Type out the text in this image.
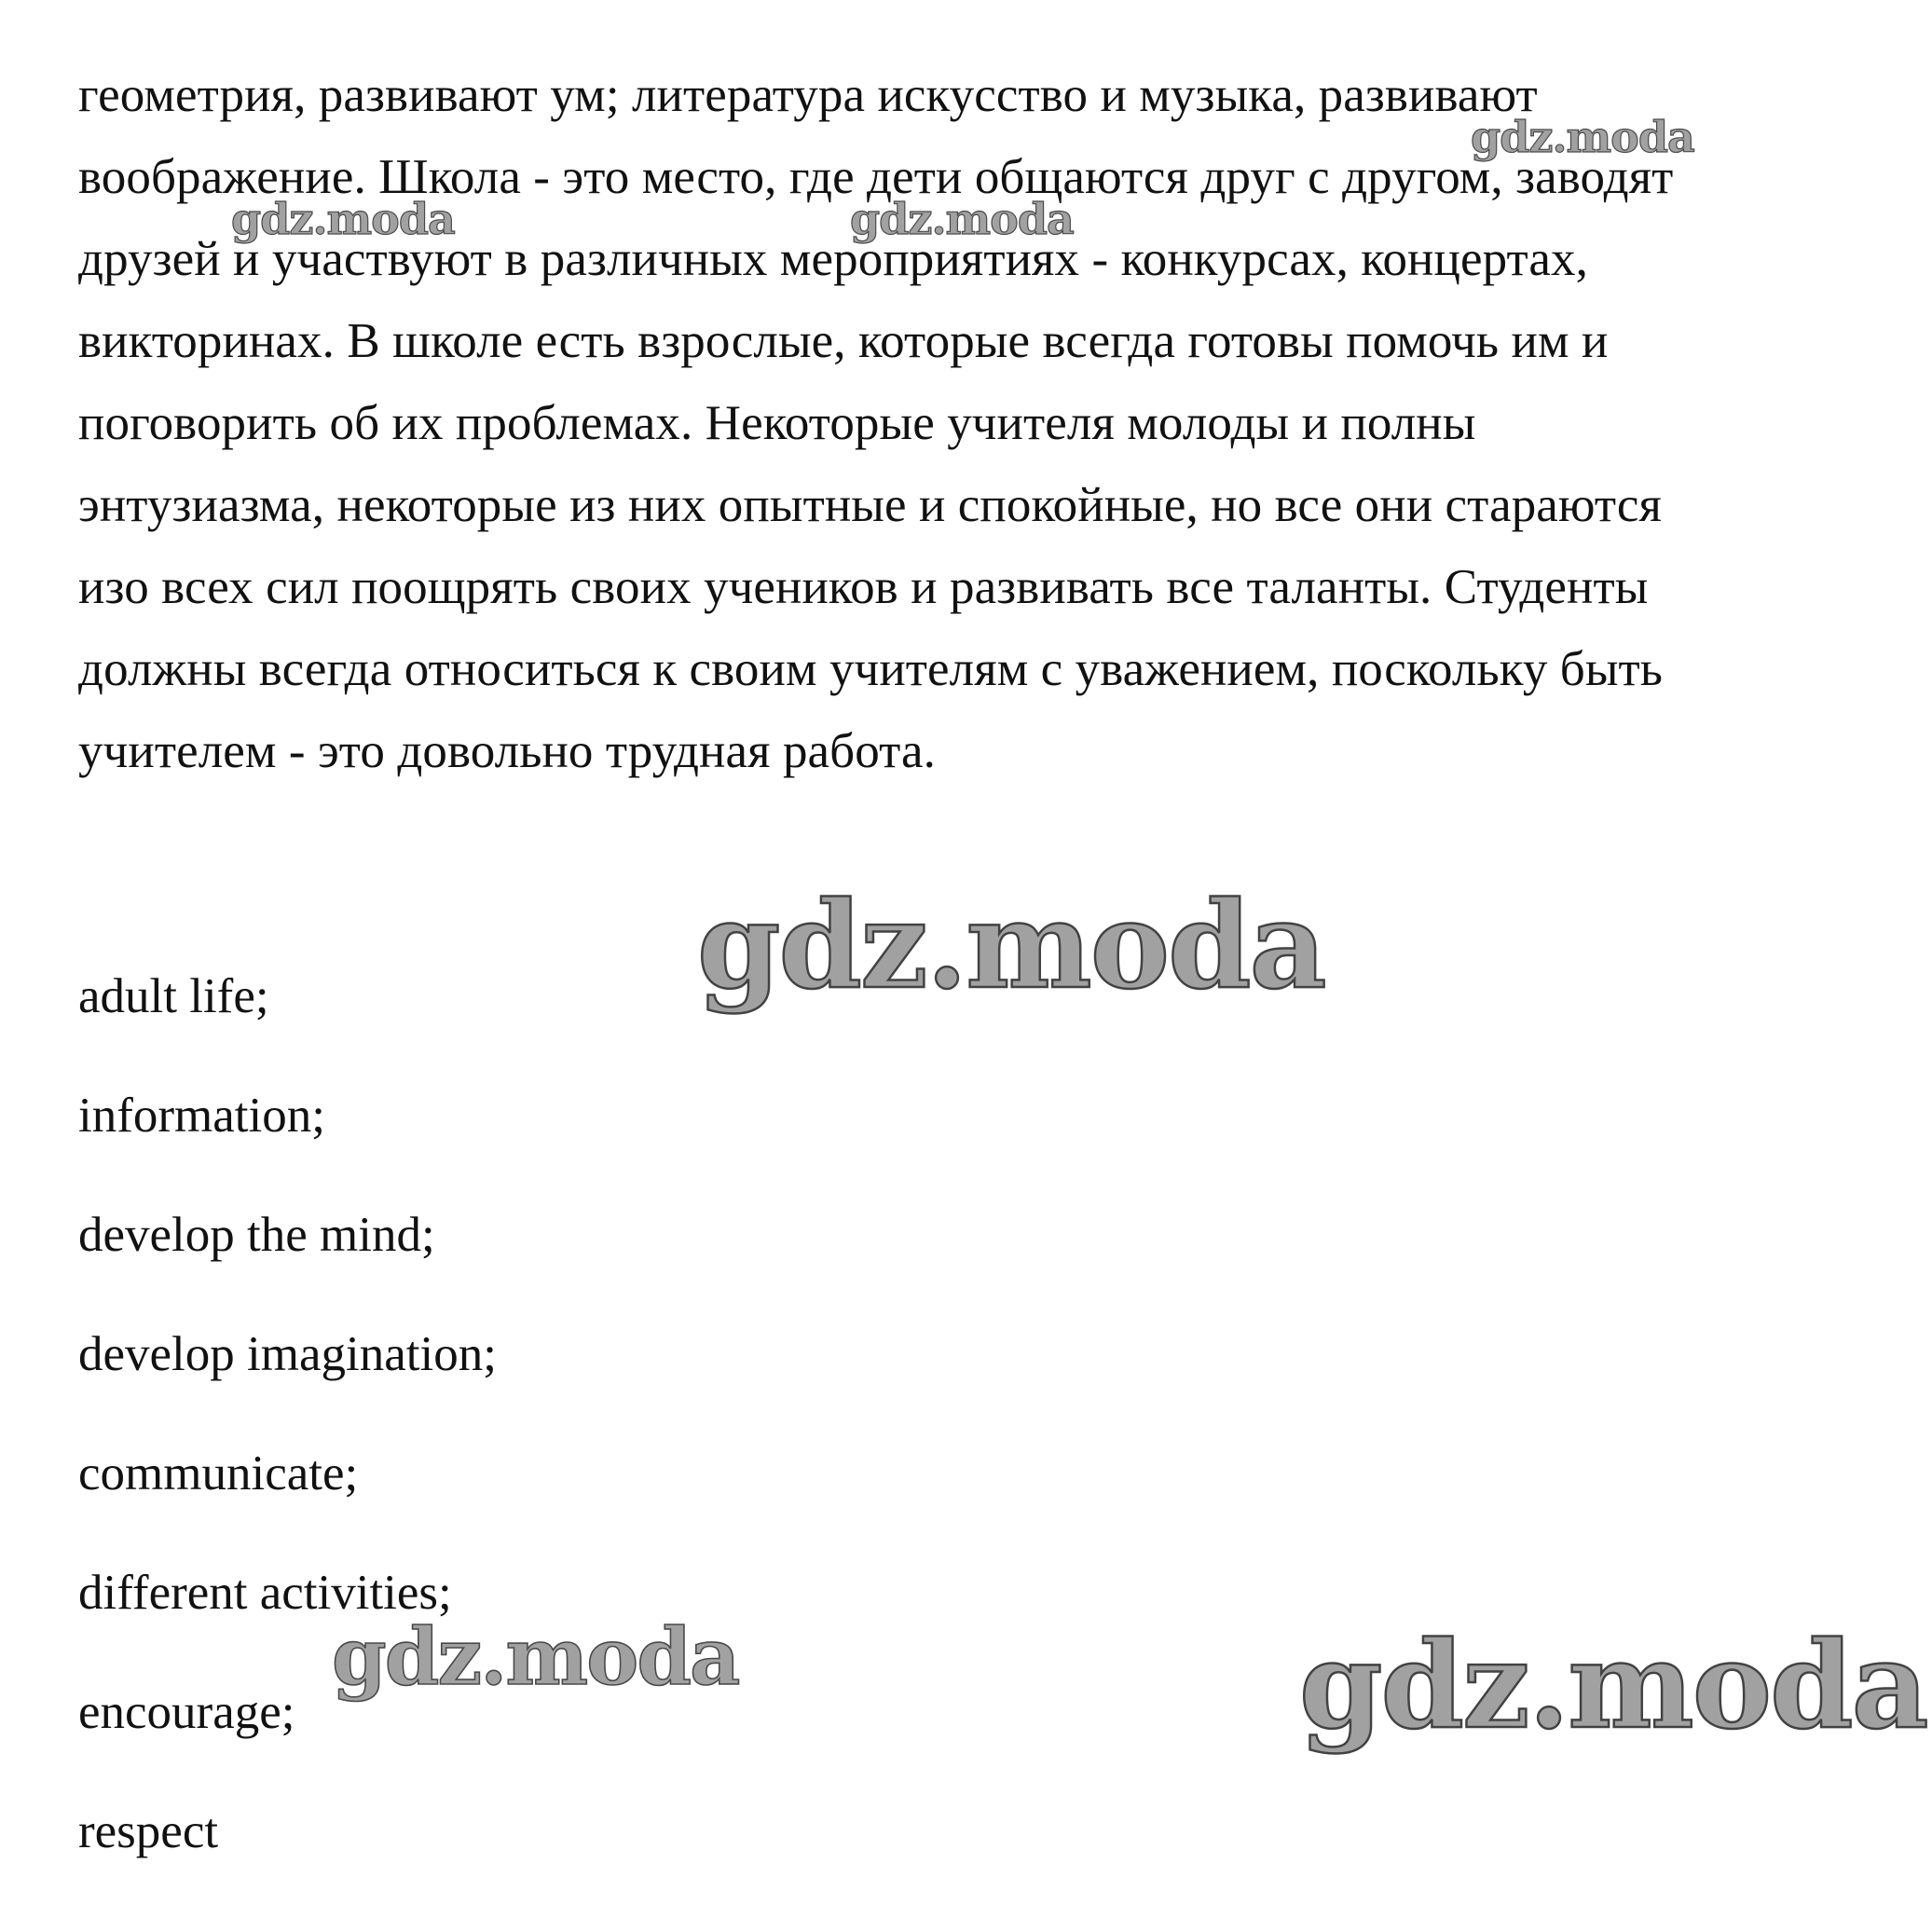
геометрия, развивают ум; литература искусство и музыка, развивают
воображение. Школа - это место, где дети общаются друг с другом, заводят
друзей и участвуют в различных мероприятиях - конкурсах, концертах,
викторинах. В школе есть взрослые, которые всегда готовы помочь им и
поговорить об их проблемах. Некоторые учителя молоды и полны
энтузиазма, некоторые из них опытные и спокойные, но все они стараются
изо всех сил поощрять своих учеников и развивать все таланты. Студенты
должны всегда относиться к своим учителям с уважением, поскольку быть
учителем - это довольно трудная работа.
adult life;
information;
develop the mind;
develop imagination;
communicate;
different activities;
encourage;
respect
gdz.moda
gdz.moda	gdz.moda
gdz.moda
gdz.moda	gdz.moda
